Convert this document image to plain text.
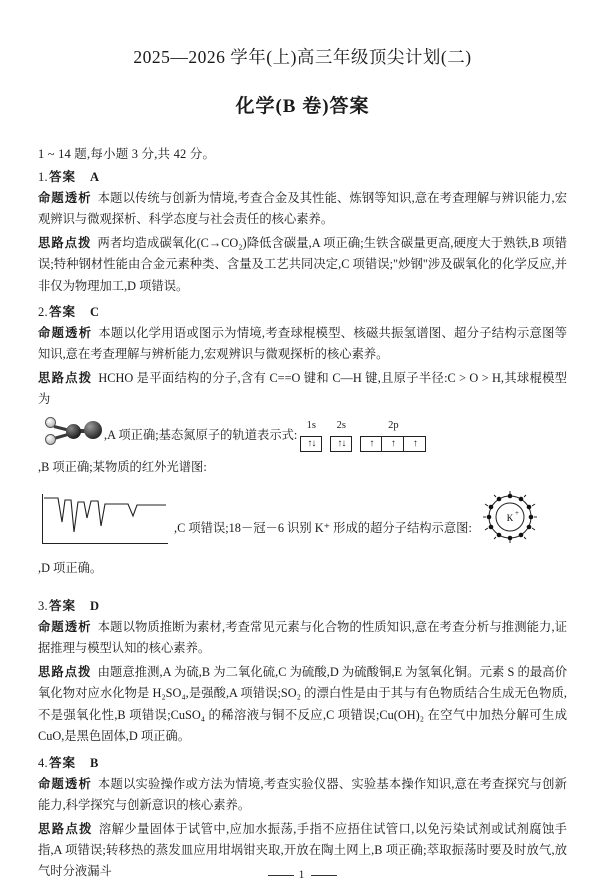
2025—2026 学年(上)高三年级顶尖计划(二)
化学(B 卷)答案
1 ~ 14 题,每小题 3 分,共 42 分。
1.答案 A
命题透析 本题以传统与创新为情境,考查合金及其性能、炼钢等知识,意在考查理解与辨识能力,宏观辨识与微观探析、科学态度与社会责任的核心素养。
思路点拨 两者均造成碳氧化(C→CO₂)降低含碳量,A 项正确;生铁含碳量更高,硬度大于熟铁,B 项错误;特种钢材性能由合金元素种类、含量及工艺共同决定,C 项错误;"炒钢"涉及碳氧化的化学反应,并非仅为物理加工,D 项错误。
2.答案 C
命题透析 本题以化学用语或图示为情境,考查球棍模型、核磁共振氢谱图、超分子结构示意图等知识,意在考查理解与辨析能力,宏观辨识与微观探析的核心素养。
思路点拨 HCHO 是平面结构的分子,含有 C==O 键和 C—H 键,且原子半径:C > O > H,其球棍模型为
,A 项正确;基态氮原子的轨道表示式:
1s	2s	2p
↑↓	↑↓	↑	↑	↑
,B 项正确;某物质的红外光谱图:
,C 项错误;18－冠－6 识别 K⁺ 形成的超分子结构示意图:
K +
,D 项正确。
3.答案 D
命题透析 本题以物质推断为素材,考查常见元素与化合物的性质知识,意在考查分析与推测能力,证据推理与模型认知的核心素养。
思路点拨 由题意推测,A 为硫,B 为二氧化硫,C 为硫酸,D 为硫酸铜,E 为氢氧化铜。元素 S 的最高价氧化物对应水化物是 H₂SO₄,是强酸,A 项错误;SO₂ 的漂白性是由于其与有色物质结合生成无色物质,不是强氧化性,B 项错误;CuSO₄ 的稀溶液与铜不反应,C 项错误;Cu(OH)₂ 在空气中加热分解可生成 CuO,是黑色固体,D 项正确。
4.答案 B
命题透析 本题以实验操作或方法为情境,考查实验仪器、实验基本操作知识,意在考查探究与创新能力,科学探究与创新意识的核心素养。
思路点拨 溶解少量固体于试管中,应加水振荡,手指不应捂住试管口,以免污染试剂或试剂腐蚀手指,A 项错误;转移热的蒸发皿应用坩埚钳夹取,开放在陶土网上,B 项正确;萃取振荡时要及时放气,放气时分液漏斗	1
